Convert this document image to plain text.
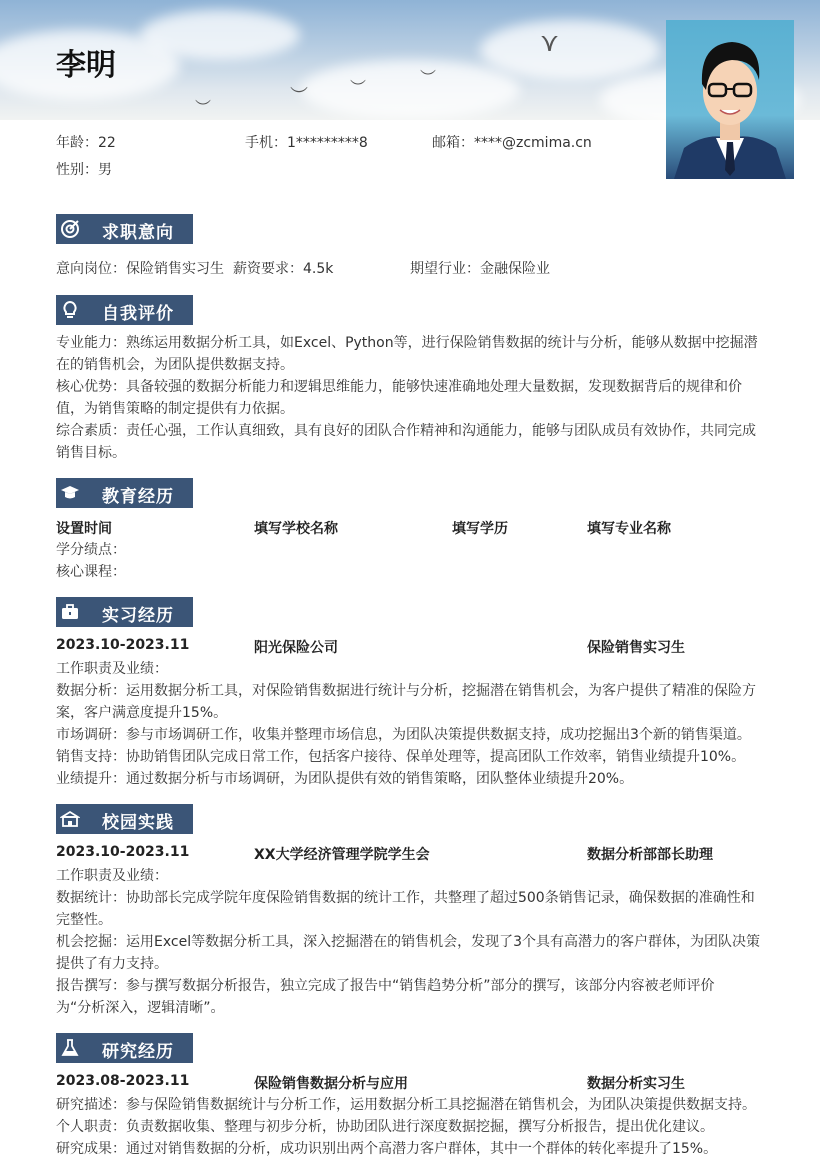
⋎
︶
︶
︶
︶
李明
年龄：22	手机：1*********8	邮箱：****@zcmima.cn
性别：男
求职意向
意向岗位：保险销售实习生 薪资要求：4.5k	期望行业：金融保险业
自我评价
专业能力：熟练运用数据分析工具，如Excel、Python等，进行保险销售数据的统计与分析，能够从数据中挖掘潜
在的销售机会，为团队提供数据支持。
核心优势：具备较强的数据分析能力和逻辑思维能力，能够快速准确地处理大量数据，发现数据背后的规律和价
值，为销售策略的制定提供有力依据。
综合素质：责任心强，工作认真细致，具有良好的团队合作精神和沟通能力，能够与团队成员有效协作，共同完成
销售目标。
教育经历
设置时间	填写学校名称	填写学历	填写专业名称
学分绩点：
核心课程：
实习经历
2023.10-2023.11	阳光保险公司	保险销售实习生
工作职责及业绩：
数据分析：运用数据分析工具，对保险销售数据进行统计与分析，挖掘潜在销售机会，为客户提供了精准的保险方
案，客户满意度提升15%。
市场调研：参与市场调研工作，收集并整理市场信息，为团队决策提供数据支持，成功挖掘出3个新的销售渠道。
销售支持：协助销售团队完成日常工作，包括客户接待、保单处理等，提高团队工作效率，销售业绩提升10%。
业绩提升：通过数据分析与市场调研，为团队提供有效的销售策略，团队整体业绩提升20%。
校园实践
2023.10-2023.11	XX大学经济管理学院学生会	数据分析部部长助理
工作职责及业绩：
数据统计：协助部长完成学院年度保险销售数据的统计工作，共整理了超过500条销售记录，确保数据的准确性和
完整性。
机会挖掘：运用Excel等数据分析工具，深入挖掘潜在的销售机会，发现了3个具有高潜力的客户群体，为团队决策
提供了有力支持。
报告撰写：参与撰写数据分析报告，独立完成了报告中“销售趋势分析”部分的撰写，该部分内容被老师评价
为“分析深入，逻辑清晰”。
研究经历
2023.08-2023.11	保险销售数据分析与应用	数据分析实习生
研究描述：参与保险销售数据统计与分析工作，运用数据分析工具挖掘潜在销售机会，为团队决策提供数据支持。
个人职责：负责数据收集、整理与初步分析，协助团队进行深度数据挖掘，撰写分析报告，提出优化建议。
研究成果：通过对销售数据的分析，成功识别出两个高潜力客户群体，其中一个群体的转化率提升了15%。
